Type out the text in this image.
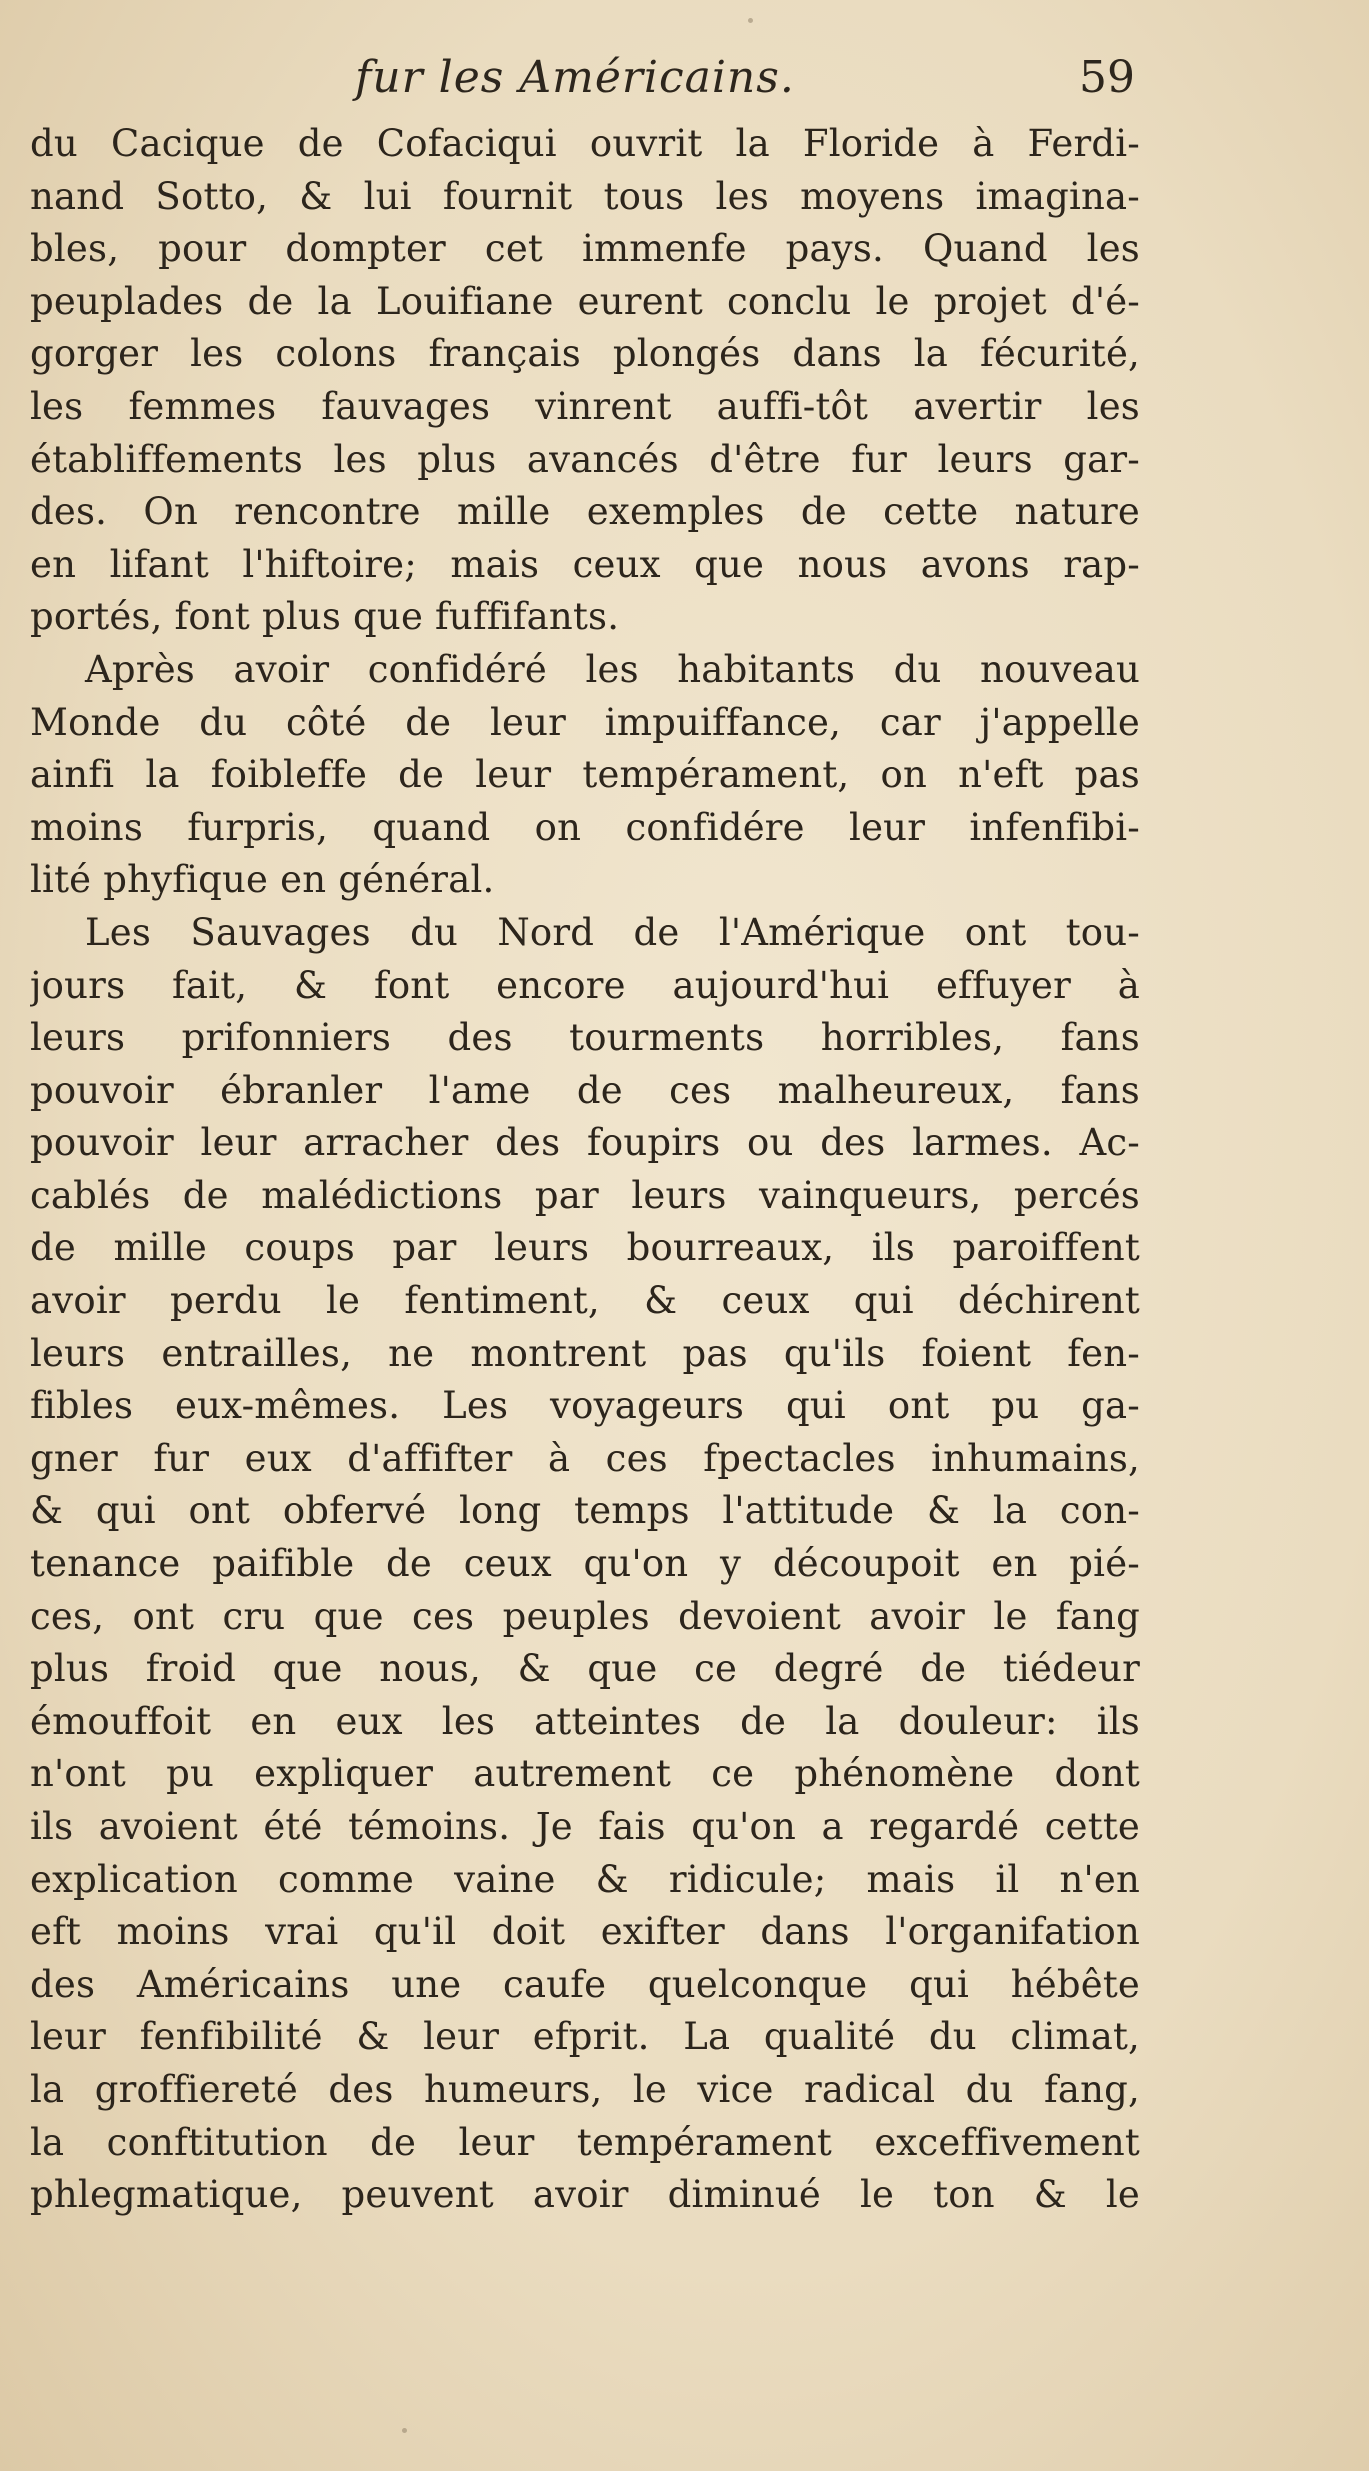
fur les Américains.	59
du Cacique de Cofaciqui ouvrit la Floride à Ferdi-
nand Sotto, & lui fournit tous les moyens imagina-
bles, pour dompter cet immenfe pays. Quand les
peuplades de la Louifiane eurent conclu le projet d'é-
gorger les colons français plongés dans la fécurité,
les femmes fauvages vinrent auffi-tôt avertir les
établiffements les plus avancés d'être fur leurs gar-
des. On rencontre mille exemples de cette nature
en lifant l'hiftoire; mais ceux que nous avons rap-
portés, font plus que fuffifants.
Après avoir confidéré les habitants du nouveau
Monde du côté de leur impuiffance, car j'appelle
ainfi la foibleffe de leur tempérament, on n'eft pas
moins furpris, quand on confidére leur infenfibi-
lité phyfique en général.
Les Sauvages du Nord de l'Amérique ont tou-
jours fait, & font encore aujourd'hui effuyer à
leurs prifonniers des tourments horribles, fans
pouvoir ébranler l'ame de ces malheureux, fans
pouvoir leur arracher des foupirs ou des larmes. Ac-
cablés de malédictions par leurs vainqueurs, percés
de mille coups par leurs bourreaux, ils paroiffent
avoir perdu le fentiment, & ceux qui déchirent
leurs entrailles, ne montrent pas qu'ils foient fen-
fibles eux-mêmes. Les voyageurs qui ont pu ga-
gner fur eux d'affifter à ces fpectacles inhumains,
& qui ont obfervé long temps l'attitude & la con-
tenance paifible de ceux qu'on y découpoit en pié-
ces, ont cru que ces peuples devoient avoir le fang
plus froid que nous, & que ce degré de tiédeur
émouffoit en eux les atteintes de la douleur: ils
n'ont pu expliquer autrement ce phénomène dont
ils avoient été témoins. Je fais qu'on a regardé cette
explication comme vaine & ridicule; mais il n'en
eft moins vrai qu'il doit exifter dans l'organifation
des Américains une caufe quelconque qui hébête
leur fenfibilité & leur efprit. La qualité du climat,
la groffiereté des humeurs, le vice radical du fang,
la conftitution de leur tempérament exceffivement
phlegmatique, peuvent avoir diminué le ton & le
